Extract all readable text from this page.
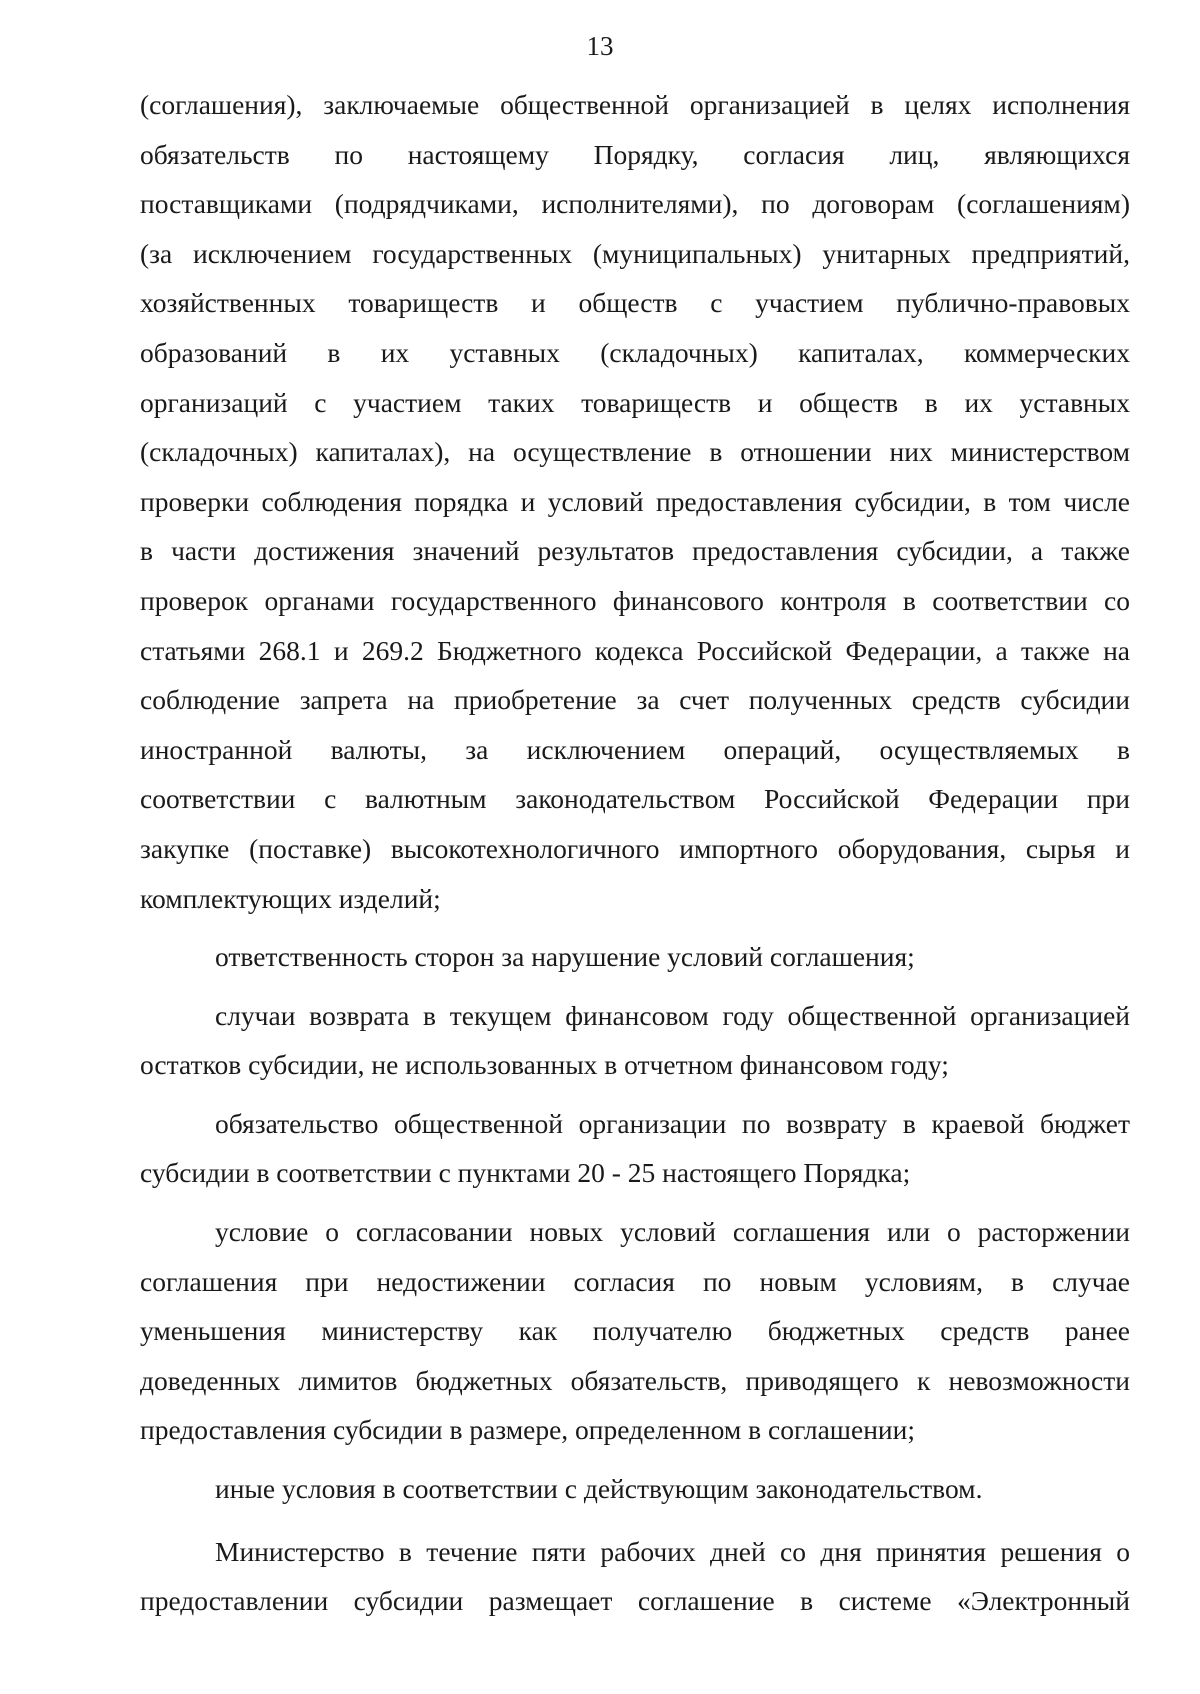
13
(соглашения), заключаемые общественной организацией в целях исполнения
обязательств по настоящему Порядку, согласия лиц, являющихся
поставщиками (подрядчиками, исполнителями), по договорам (соглашениям)
(за исключением государственных (муниципальных) унитарных предприятий,
хозяйственных товариществ и обществ с участием публично-правовых
образований в их уставных (складочных) капиталах, коммерческих
организаций с участием таких товариществ и обществ в их уставных
(складочных) капиталах), на осуществление в отношении них министерством
проверки соблюдения порядка и условий предоставления субсидии, в том числе
в части достижения значений результатов предоставления субсидии, а также
проверок органами государственного финансового контроля в соответствии со
статьями 268.1 и 269.2 Бюджетного кодекса Российской Федерации, а также на
соблюдение запрета на приобретение за счет полученных средств субсидии
иностранной валюты, за исключением операций, осуществляемых в
соответствии с валютным законодательством Российской Федерации при
закупке (поставке) высокотехнологичного импортного оборудования, сырья и
комплектующих изделий;
ответственность сторон за нарушение условий соглашения;
случаи возврата в текущем финансовом году общественной организацией
остатков субсидии, не использованных в отчетном финансовом году;
обязательство общественной организации по возврату в краевой бюджет
субсидии в соответствии с пунктами 20 - 25 настоящего Порядка;
условие о согласовании новых условий соглашения или о расторжении
соглашения при недостижении согласия по новым условиям, в случае
уменьшения министерству как получателю бюджетных средств ранее
доведенных лимитов бюджетных обязательств, приводящего к невозможности
предоставления субсидии в размере, определенном в соглашении;
иные условия в соответствии с действующим законодательством.
Министерство в течение пяти рабочих дней со дня принятия решения о
предоставлении субсидии размещает соглашение в системе «Электронный
